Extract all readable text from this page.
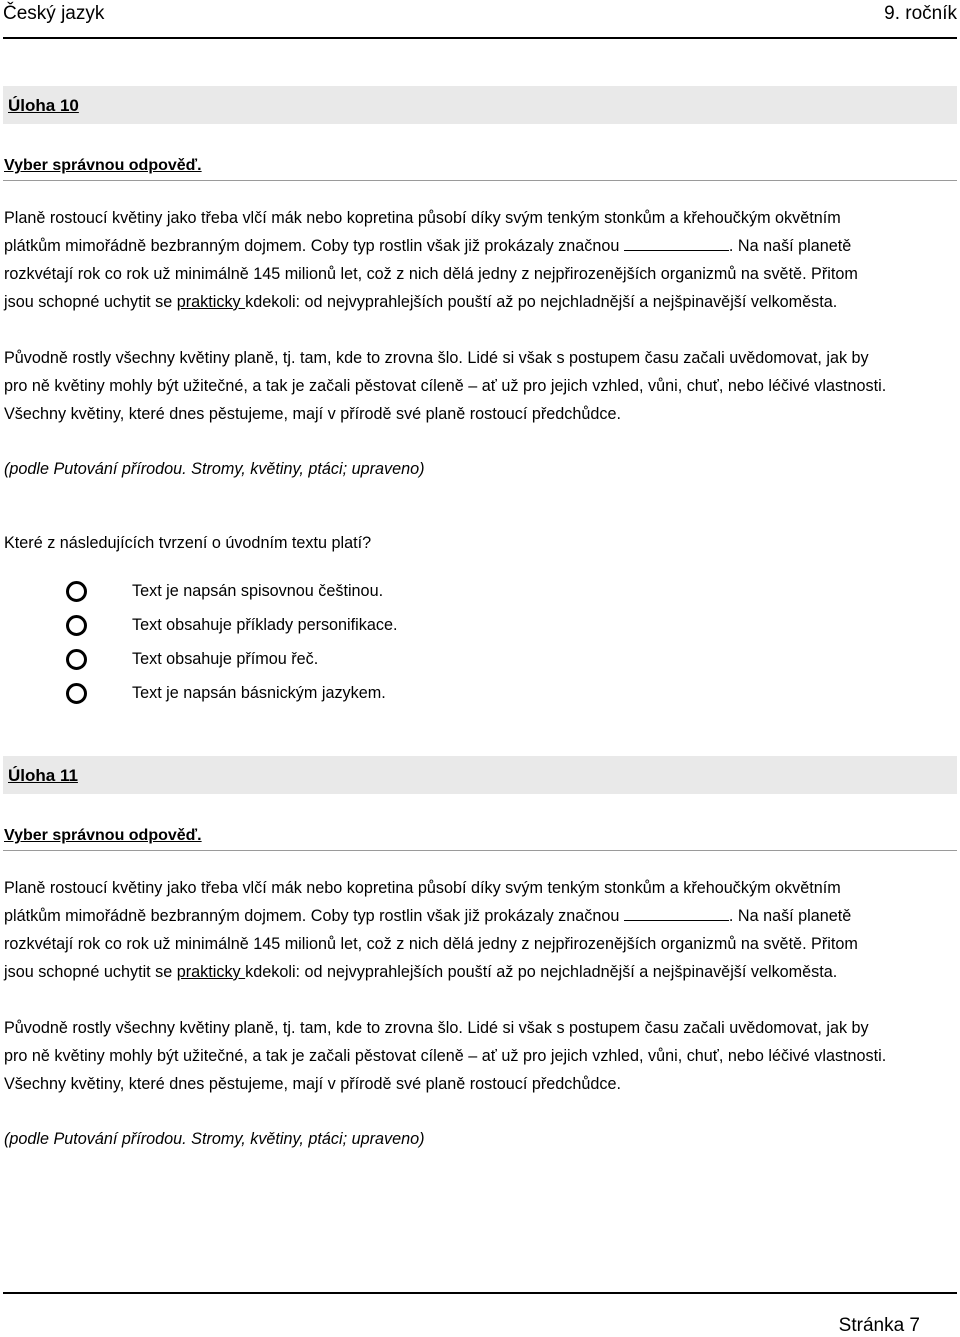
Český jazyk	9. ročník
Úloha 10
Vyber správnou odpověď.
Planě rostoucí květiny jako třeba vlčí mák nebo kopretina působí díky svým tenkým stonkům a křehoučkým okvětním
plátkům mimořádně bezbranným dojmem. Coby typ rostlin však již prokázaly značnou	. Na naší planetě
rozkvétají rok co rok už minimálně 145 milionů let, což z nich dělá jedny z nejpřirozenějších organizmů na světě. Přitom
jsou schopné uchytit se prakticky kdekoli: od nejvyprahlejších pouští až po nejchladnější a nejšpinavější velkoměsta.
Původně rostly všechny květiny planě, tj. tam, kde to zrovna šlo. Lidé si však s postupem času začali uvědomovat, jak by
pro ně květiny mohly být užitečné, a tak je začali pěstovat cíleně – ať už pro jejich vzhled, vůni, chuť, nebo léčivé vlastnosti.
Všechny květiny, které dnes pěstujeme, mají v přírodě své planě rostoucí předchůdce.
(podle Putování přírodou. Stromy, květiny, ptáci; upraveno)
Které z následujících tvrzení o úvodním textu platí?
Text je napsán spisovnou češtinou.
Text obsahuje příklady personifikace.
Text obsahuje přímou řeč.
Text je napsán básnickým jazykem.
Úloha 11
Vyber správnou odpověď.
Planě rostoucí květiny jako třeba vlčí mák nebo kopretina působí díky svým tenkým stonkům a křehoučkým okvětním
plátkům mimořádně bezbranným dojmem. Coby typ rostlin však již prokázaly značnou	. Na naší planetě
rozkvétají rok co rok už minimálně 145 milionů let, což z nich dělá jedny z nejpřirozenějších organizmů na světě. Přitom
jsou schopné uchytit se prakticky kdekoli: od nejvyprahlejších pouští až po nejchladnější a nejšpinavější velkoměsta.
Původně rostly všechny květiny planě, tj. tam, kde to zrovna šlo. Lidé si však s postupem času začali uvědomovat, jak by
pro ně květiny mohly být užitečné, a tak je začali pěstovat cíleně – ať už pro jejich vzhled, vůni, chuť, nebo léčivé vlastnosti.
Všechny květiny, které dnes pěstujeme, mají v přírodě své planě rostoucí předchůdce.
(podle Putování přírodou. Stromy, květiny, ptáci; upraveno)
Stránka 7
